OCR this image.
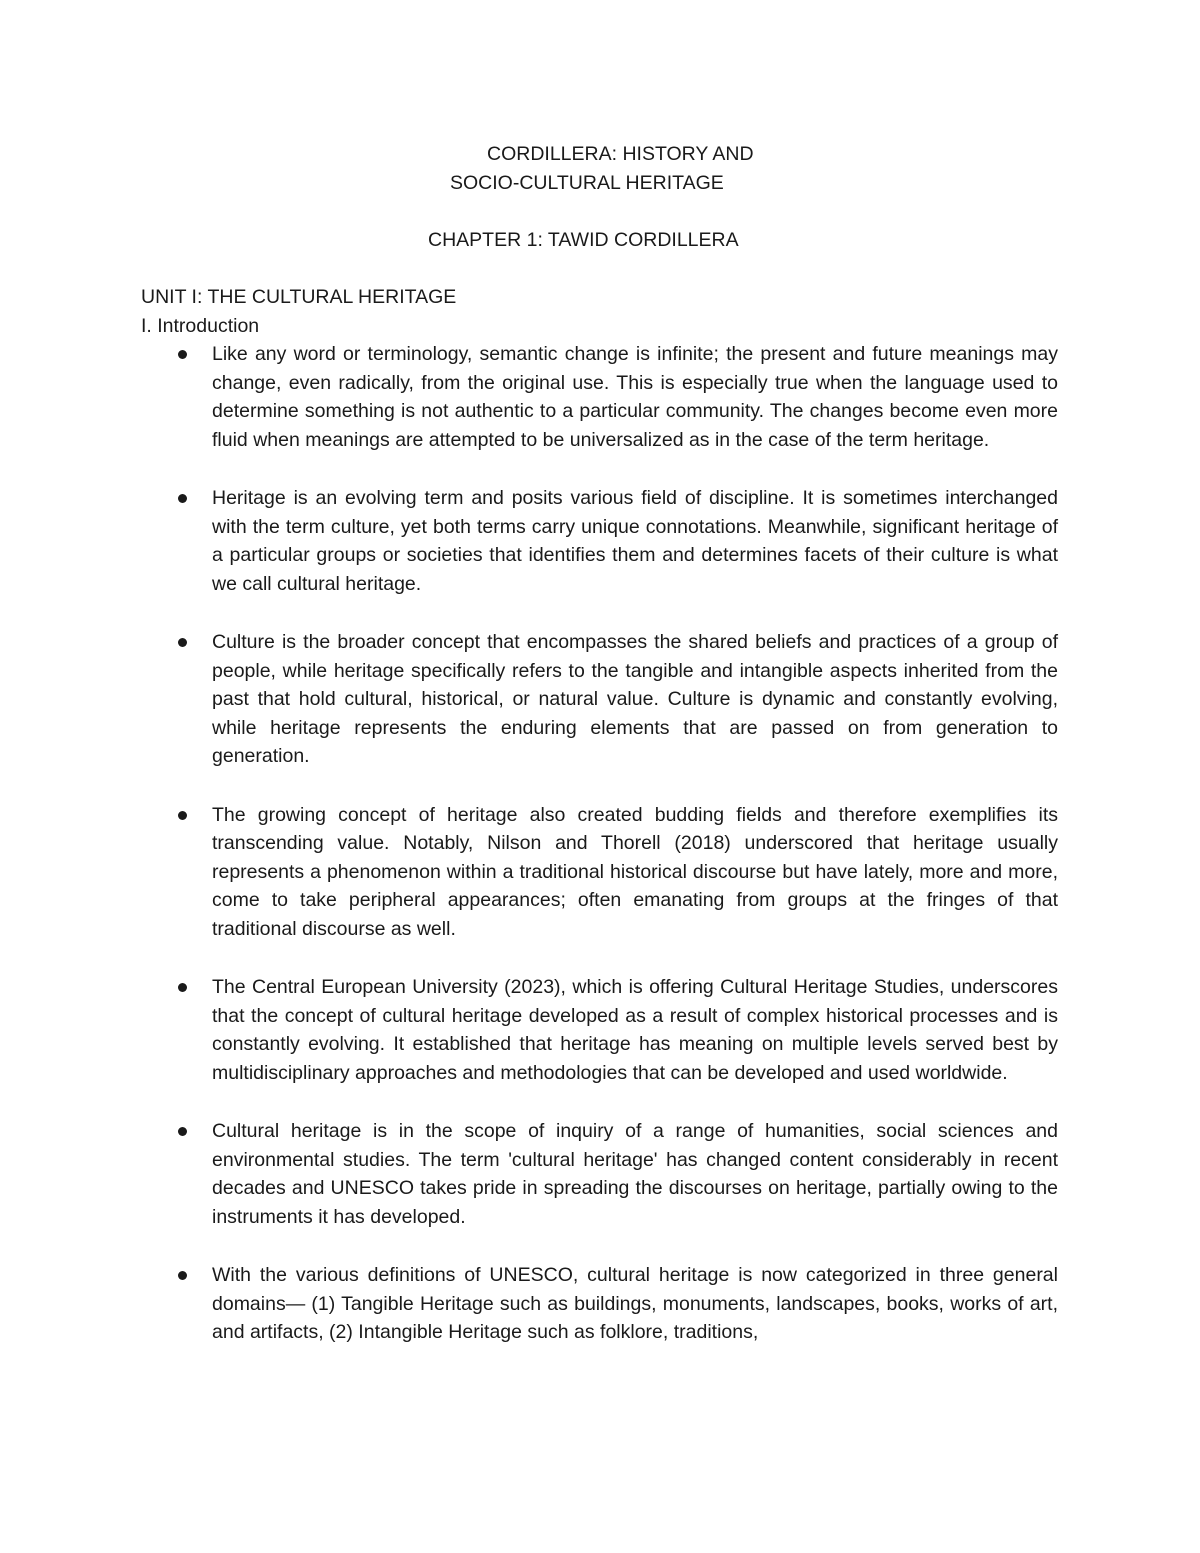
CORDILLERA: HISTORY AND

SOCIO-CULTURAL HERITAGE

CHAPTER 1: TAWID CORDILLERA

UNIT I: THE CULTURAL HERITAGE

I. Introduction

Like any word or terminology, semantic change is infinite; the present and future meanings may change, even radically, from the original use. This is especially true when the language used to determine something is not authentic to a particular community. The changes become even more fluid when meanings are attempted to be universalized as in the case of the term heritage.

Heritage is an evolving term and posits various field of discipline. It is sometimes interchanged with the term culture, yet both terms carry unique connotations. Meanwhile, significant heritage of a particular groups or societies that identifies them and determines facets of their culture is what we call cultural heritage.

Culture is the broader concept that encompasses the shared beliefs and practices of a group of people, while heritage specifically refers to the tangible and intangible aspects inherited from the past that hold cultural, historical, or natural value. Culture is dynamic and constantly evolving, while heritage represents the enduring elements that are passed on from generation to generation.

The growing concept of heritage also created budding fields and therefore exemplifies its transcending value. Notably, Nilson and Thorell (2018) underscored that heritage usually represents a phenomenon within a traditional historical discourse but have lately, more and more, come to take peripheral appearances; often emanating from groups at the fringes of that traditional discourse as well.

The Central European University (2023), which is offering Cultural Heritage Studies, underscores that the concept of cultural heritage developed as a result of complex historical processes and is constantly evolving. It established that heritage has meaning on multiple levels served best by multidisciplinary approaches and methodologies that can be developed and used worldwide.

Cultural heritage is in the scope of inquiry of a range of humanities, social sciences and environmental studies. The term 'cultural heritage' has changed content considerably in recent decades and UNESCO takes pride in spreading the discourses on heritage, partially owing to the instruments it has developed.

With the various definitions of UNESCO, cultural heritage is now categorized in three general domains— (1) Tangible Heritage such as buildings, monuments, landscapes, books, works of art, and artifacts, (2) Intangible Heritage such as folklore, traditions,
